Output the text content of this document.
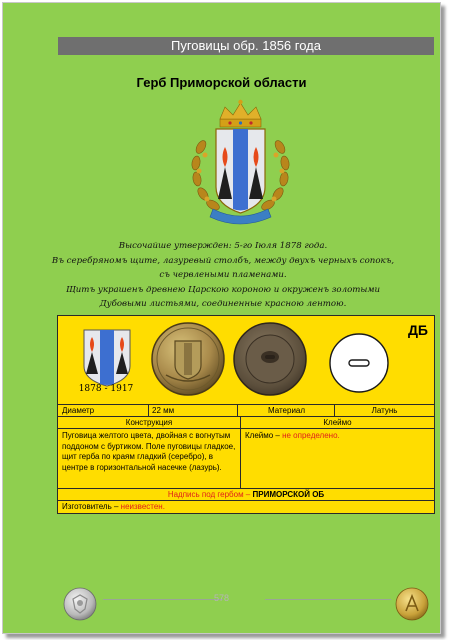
Пуговицы обр. 1856 года
Герб Приморской области
Высочайше утвержден: 5-го Іюля 1878 года.
Въ серебряномъ щите, лазуревый столбъ, между двухъ черныхъ сопокъ,
съ червлеными пламенами.
Щитъ украшенъ древнею Царскою короною и окруженъ золотыми
Дубовыми листьями, соединенные красною лентою.
ДБ
1878 - 1917
Диаметр	22 мм	Материал	Латунь
Конструкция	Клеймо
Пуговица желтого цвета, двойная с вогнутым поддоном с буртиком. Поле пуговицы гладкое, щит герба по краям гладкий (серебро), в центре в горизонтальной насечке (лазурь).
Клеймо – не определено.
Надпись под гербом – ПРИМОРСКОЙ ОБ
Изготовитель – неизвестен.
578
